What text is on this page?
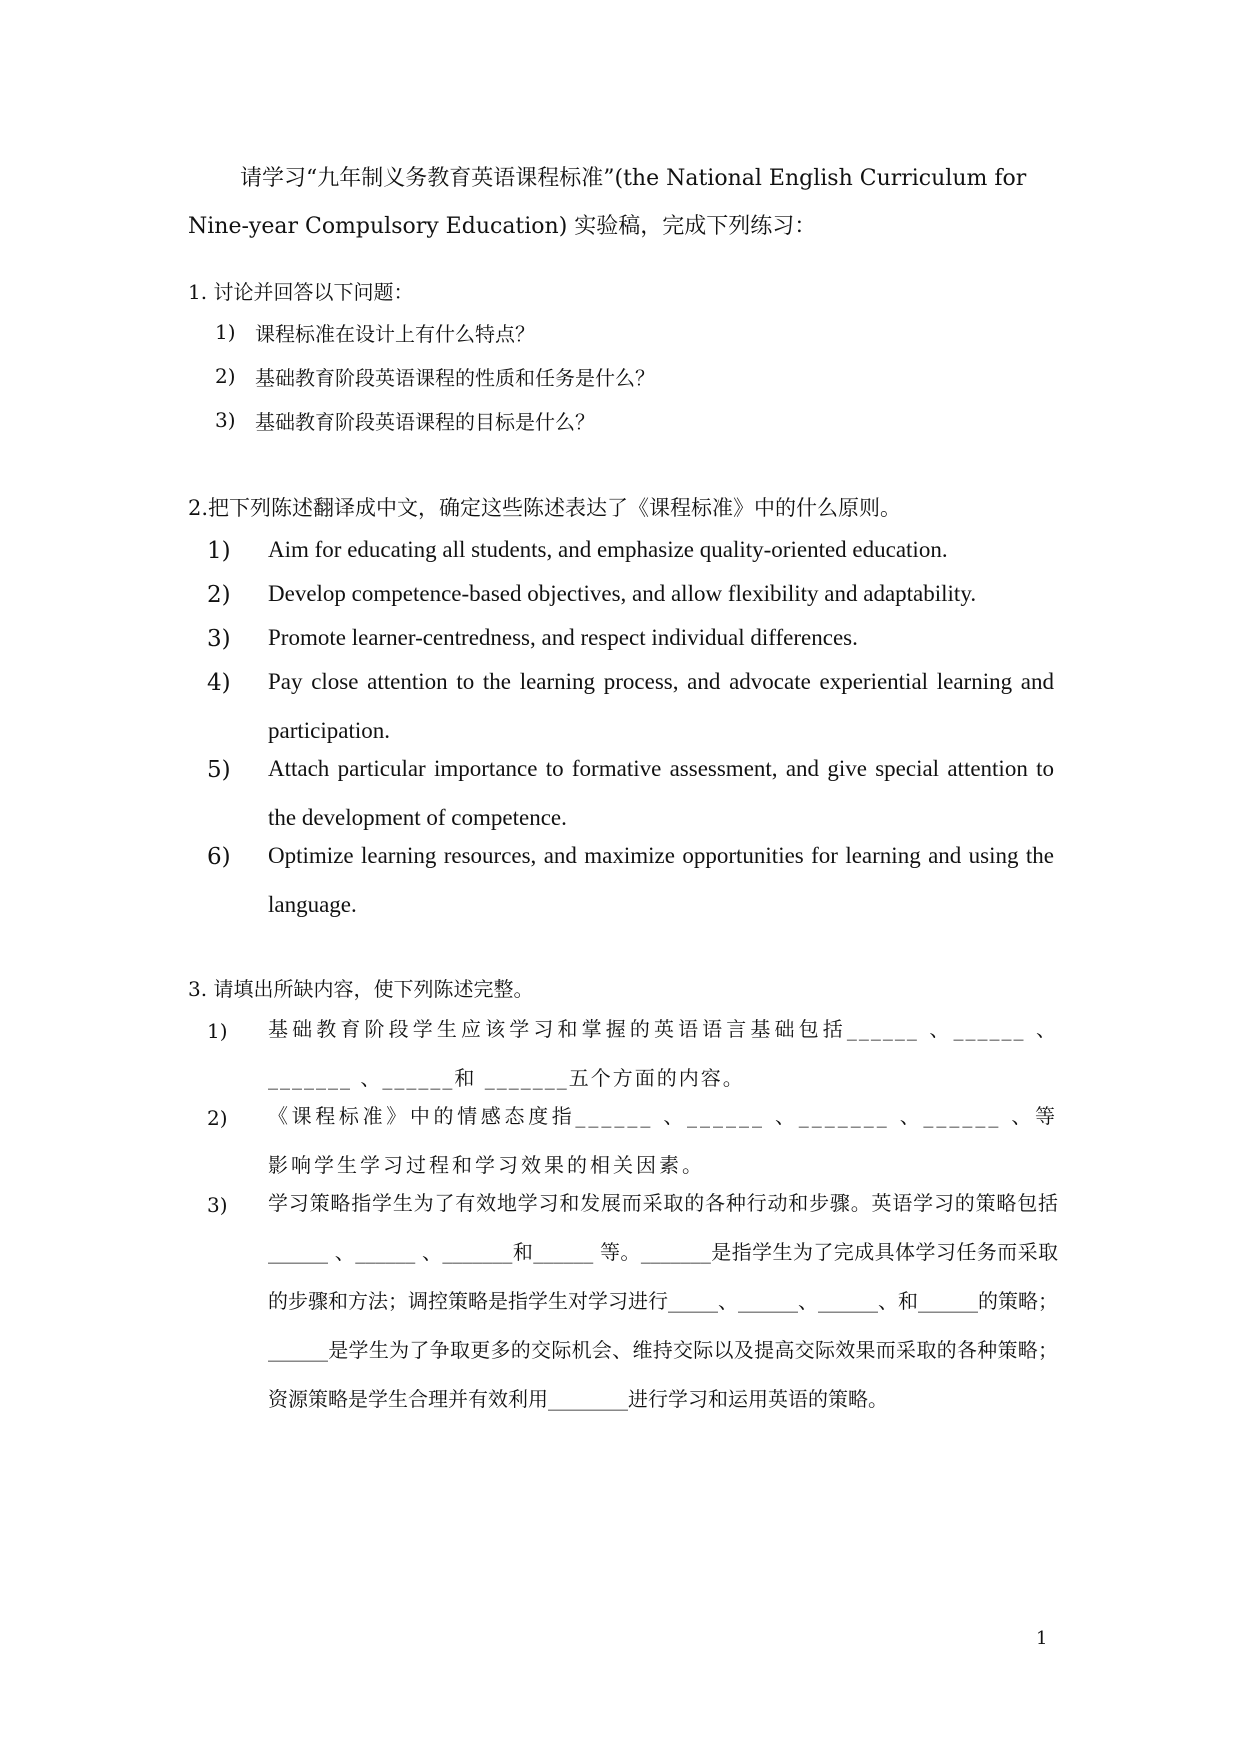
请学习“九年制义务教育英语课程标准”(the National English Curriculum for Nine-year Compulsory Education) 实验稿，完成下列练习：
1. 讨论并回答以下问题：
1) 课程标准在设计上有什么特点？
2) 基础教育阶段英语课程的性质和任务是什么？
3) 基础教育阶段英语课程的目标是什么？
2.把下列陈述翻译成中文，确定这些陈述表达了《课程标准》中的什么原则。
1) Aim for educating all students, and emphasize quality-oriented education.
2) Develop competence-based objectives, and allow flexibility and adaptability.
3) Promote learner-centredness, and respect individual differences.
4) Pay close attention to the learning process, and advocate experiential learning and participation.
5) Attach particular importance to formative assessment, and give special attention to the development of competence.
6) Optimize learning resources, and maximize opportunities for learning and using the language.
3. 请填出所缺内容，使下列陈述完整。
1) 基础教育阶段学生应该学习和掌握的英语语言基础包括______ 、______ 、_______ 、______和 _______五个方面的内容。
2) 《课程标准》中的情感态度指______ 、______ 、_______ 、______ 、等影响学生学习过程和学习效果的相关因素。
3) 学习策略指学生为了有效地学习和发展而采取的各种行动和步骤。英语学习的策略包括______ 、______ 、_______和______ 等。_______是指学生为了完成具体学习任务而采取的步骤和方法；调控策略是指学生对学习进行_____、______、______、和______的策略；______是学生为了争取更多的交际机会、维持交际以及提高交际效果而采取的各种策略；资源策略是学生合理并有效利用________进行学习和运用英语的策略。
1
